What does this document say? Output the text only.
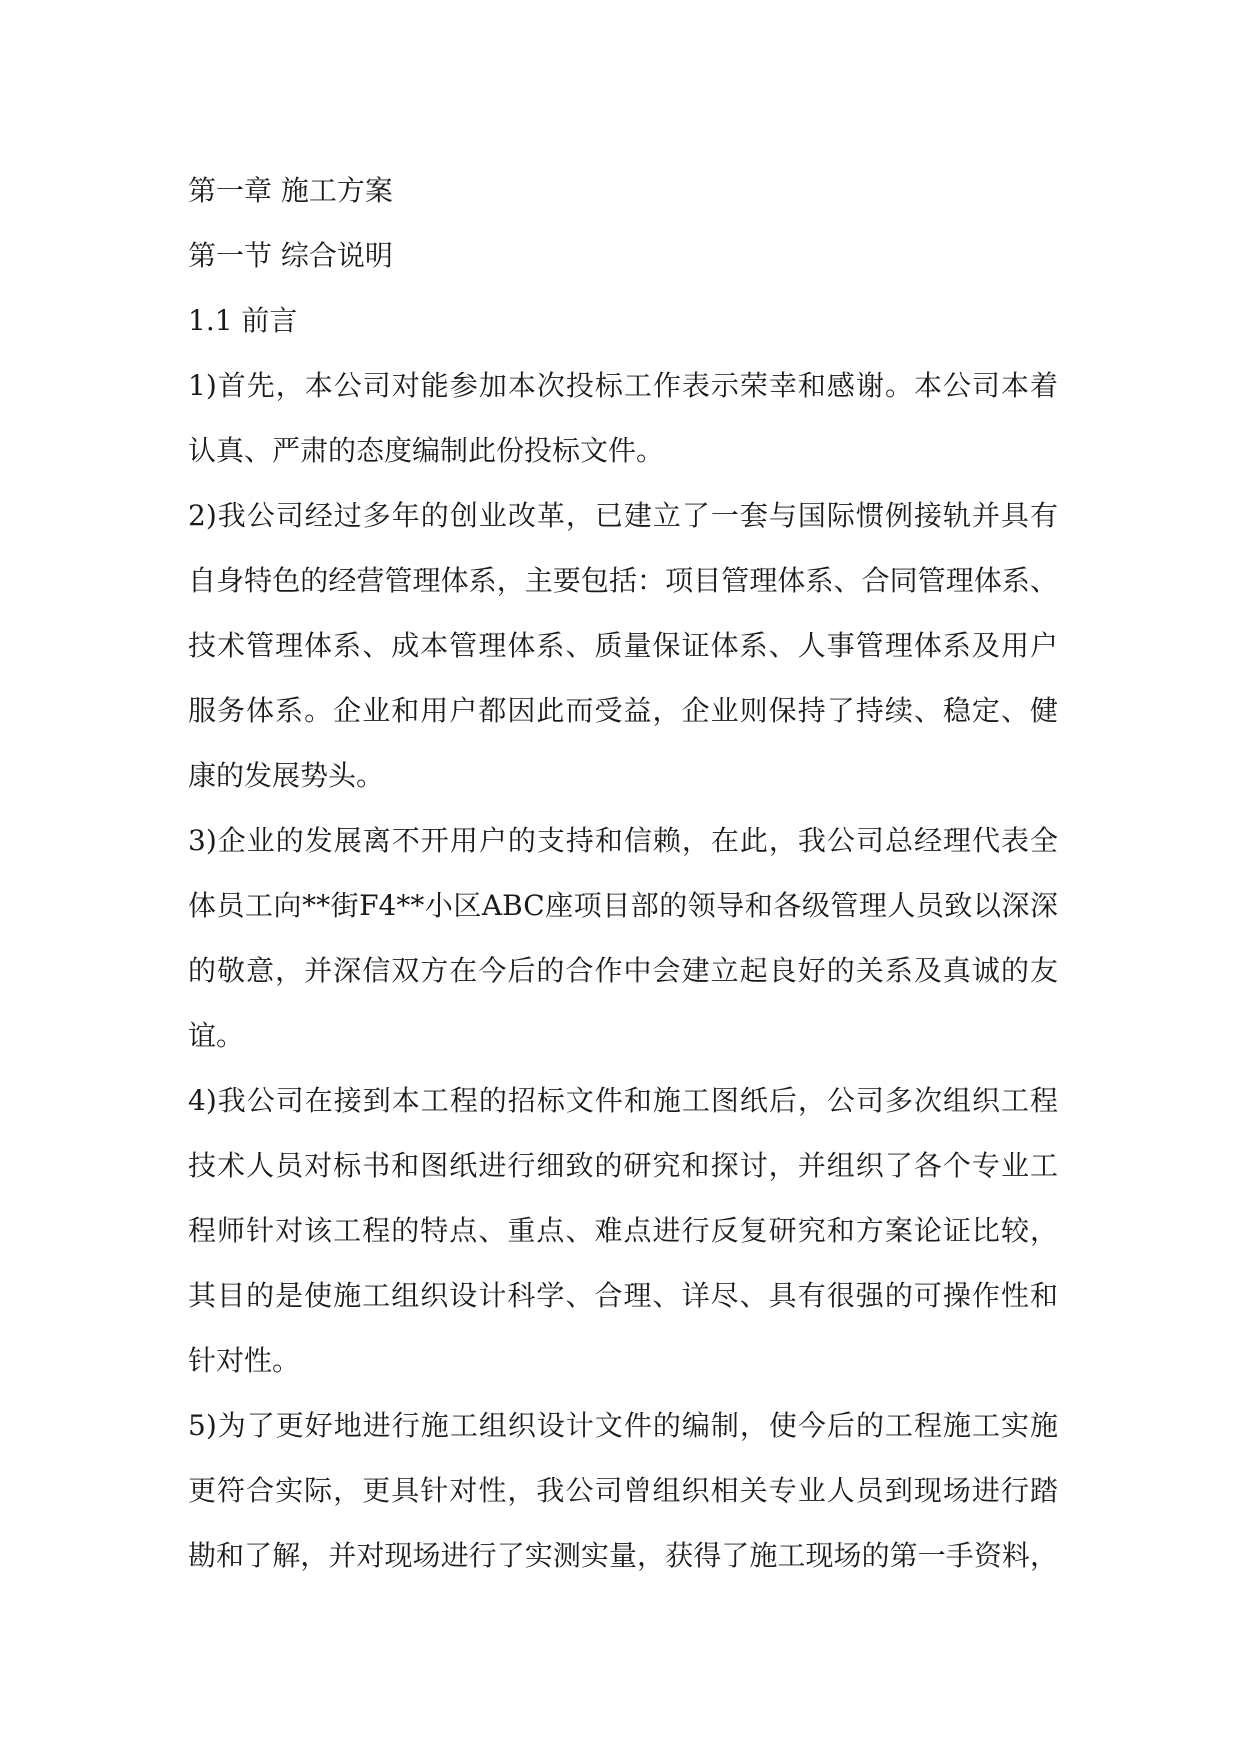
第一章 施工方案
第一节 综合说明
1.1 前言
1)首先，本公司对能参加本次投标工作表示荣幸和感谢。本公司本着
认真、严肃的态度编制此份投标文件。
2)我公司经过多年的创业改革，已建立了一套与国际惯例接轨并具有
自身特色的经营管理体系，主要包括：项目管理体系、合同管理体系、
技术管理体系、成本管理体系、质量保证体系、人事管理体系及用户
服务体系。企业和用户都因此而受益，企业则保持了持续、稳定、健
康的发展势头。
3)企业的发展离不开用户的支持和信赖，在此，我公司总经理代表全
体员工向**街F4**小区ABC座项目部的领导和各级管理人员致以深深
的敬意，并深信双方在今后的合作中会建立起良好的关系及真诚的友
谊。
4)我公司在接到本工程的招标文件和施工图纸后，公司多次组织工程
技术人员对标书和图纸进行细致的研究和探讨，并组织了各个专业工
程师针对该工程的特点、重点、难点进行反复研究和方案论证比较，
其目的是使施工组织设计科学、合理、详尽、具有很强的可操作性和
针对性。
5)为了更好地进行施工组织设计文件的编制，使今后的工程施工实施
更符合实际，更具针对性，我公司曾组织相关专业人员到现场进行踏
勘和了解，并对现场进行了实测实量，获得了施工现场的第一手资料，
